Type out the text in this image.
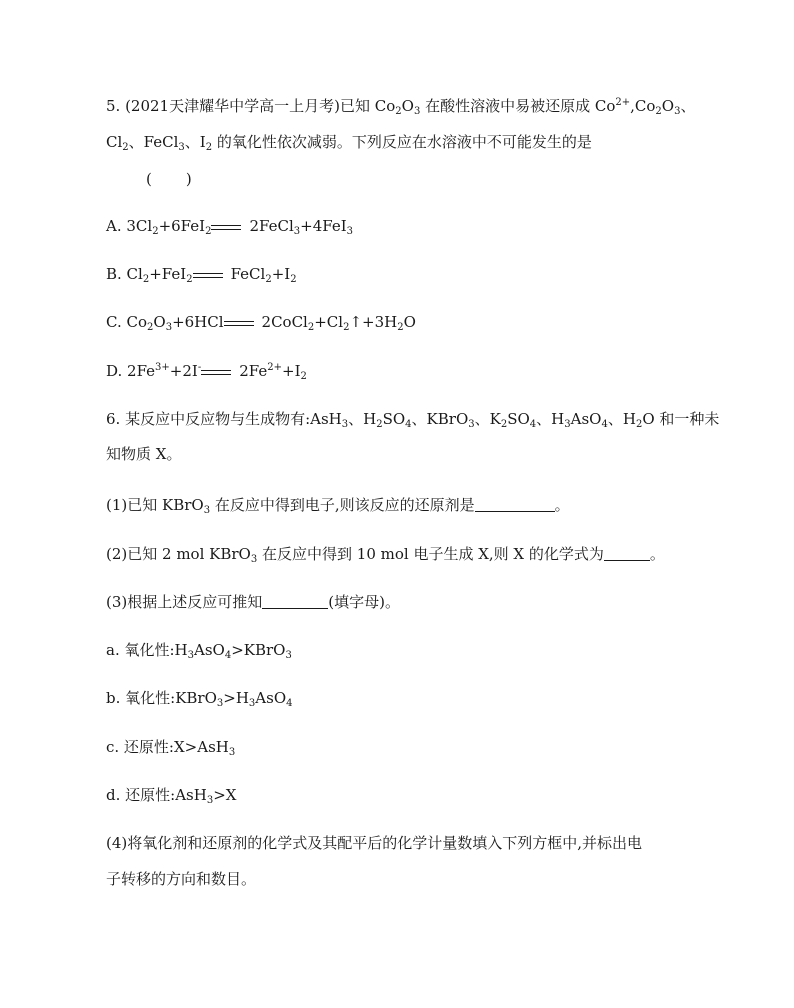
5. (2021天津耀华中学高一上月考)已知 $Co_2O_3$ 在酸性溶液中易被还原成 $Co^{2+},Co_2O_3$、
$Cl_2$、FeCl$_3$、$I_2$ 的氧化性依次减弱。下列反应在水溶液中不可能发生的是
( )
A. $3Cl_2+6FeI_2$	2FeCl$_3$+4FeI$_3$
B. $Cl_2+FeI_2$	$FeCl_2+I_2$
C. $Co_2O_3+6HCl$	$2CoCl_2+Cl_2↑+3H_2O$
D. $2Fe^{3+}+2I^-$	$2Fe^{2+}+I_2$
6. 某反应中反应物与生成物有:AsH$_3$、$H_2SO_4$、KBrO$_3$、$K_2SO_4$、$H_3AsO_4$、$H_2O$ 和一种未
知物质 X。
(1)已知 KBrO$_3$ 在反应中得到电子,则该反应的还原剂是	。
(2)已知 2 mol KBrO$_3$ 在反应中得到 10 mol 电子生成 X,则 X 的化学式为	。
(3)根据上述反应可推知	(填字母)。
a. 氧化性$:H_3AsO_4>KBrO_3$
b. 氧化性$:KBrO_3>H_3AsO_4$
c. 还原性:X>AsH$_3$
d. 还原性:AsH$_3$>X
(4)将氧化剂和还原剂的化学式及其配平后的化学计量数填入下列方框中,并标出电
子转移的方向和数目。
